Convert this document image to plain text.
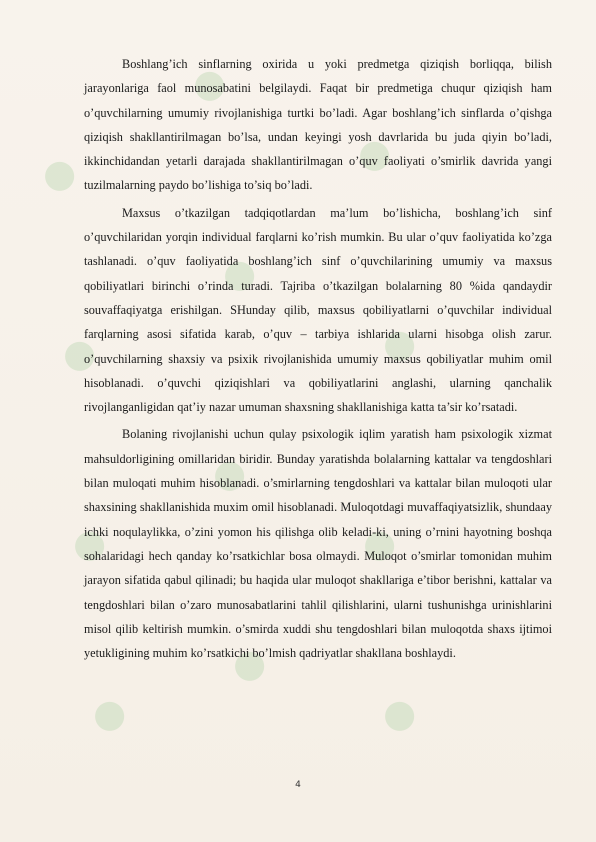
●	●
●
●	●
●
●	●
●
●	●
●

Boshlang’ich sinflarning oxirida u yoki predmetga qiziqish borliqqa, bilish jarayonlariga faol munosabatini belgilaydi. Faqat bir predmetiga chuqur qiziqish ham o’quvchilarning umumiy rivojlanishiga turtki bo’ladi. Agar boshlang’ich sinflarda o’qishga qiziqish shakllantirilmagan bo’lsa, undan keyingi yosh davrlarida bu juda qiyin bo’ladi, ikkinchidandan yetarli darajada shakllantirilmagan o’quv faoliyati o’smirlik davrida yangi tuzilmalarning paydo bo’lishiga to’siq bo’ladi.

Maxsus o’tkazilgan tadqiqotlardan ma’lum bo’lishicha, boshlang’ich sinf o’quvchilaridan yorqin individual farqlarni ko’rish mumkin. Bu ular o’quv faoliyatida ko’zga tashlanadi. o’quv faoliyatida boshlang’ich sinf o’quvchilarining umumiy va maxsus qobiliyatlari birinchi o’rinda turadi. Tajriba o’tkazilgan bolalarning 80 %ida qandaydir souvaffaqiyatga erishilgan. SHunday qilib, maxsus qobiliyatlarni o’quvchilar individual farqlarning asosi sifatida karab, o’quv – tarbiya ishlarida ularni hisobga olish zarur. o’quvchilarning shaxsiy va psixik rivojlanishida umumiy maxsus qobiliyatlar muhim omil hisoblanadi. o’quvchi qiziqishlari va qobiliyatlarini anglashi, ularning qanchalik rivojlanganligidan qat’iy nazar umuman shaxsning shakllanishiga katta ta’sir ko’rsatadi.

Bolaning rivojlanishi uchun qulay psixologik iqlim yaratish ham psixologik xizmat mahsuldorligining omillaridan biridir. Bunday yaratishda bolalarning kattalar va tengdoshlari bilan muloqati muhim hisoblanadi. o’smirlarning tengdoshlari va kattalar bilan muloqoti ular shaxsining shakllanishida muxim omil hisoblanadi. Muloqotdagi muvaffaqiyatsizlik, shundaay ichki noqulaylikka, o’zini yomon his qilishga olib keladi-ki, uning o’rnini hayotning boshqa sohalaridagi hech qanday ko’rsatkichlar bosa olmaydi. Muloqot o’smirlar tomonidan muhim jarayon sifatida qabul qilinadi; bu haqida ular muloqot shakllariga e’tibor berishni, kattalar va tengdoshlari bilan o’zaro munosabatlarini tahlil qilishlarini, ularni tushunishga urinishlarini misol qilib keltirish mumkin. o’smirda xuddi shu tengdoshlari bilan muloqotda shaxs ijtimoi yetukligining muhim ko’rsatkichi bo’lmish qadriyatlar shakllana boshlaydi.

4
